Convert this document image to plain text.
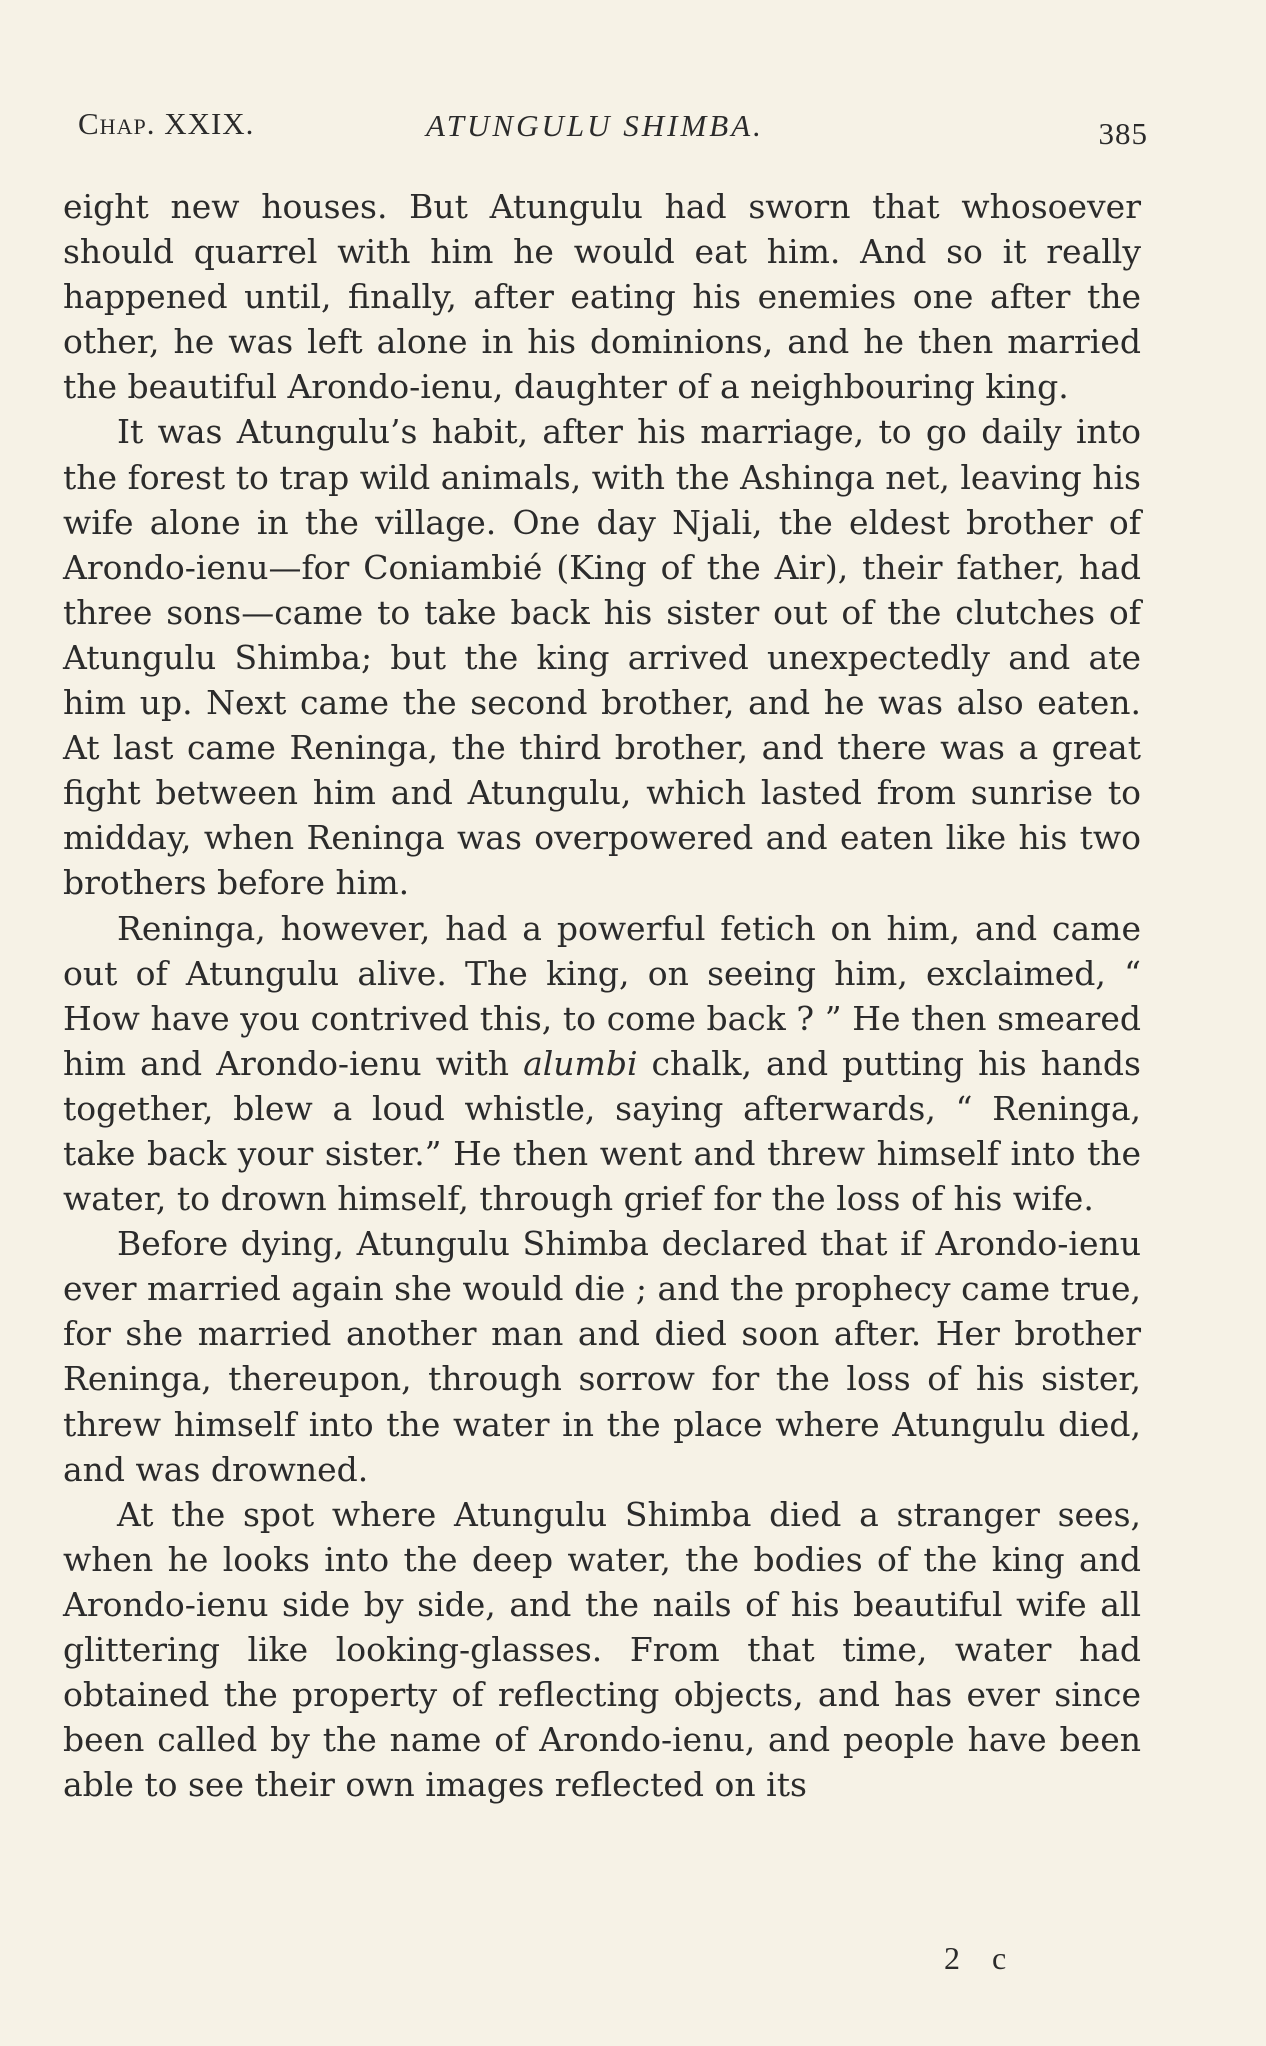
Chap. XXIX.	ATUNGULU SHIMBA.	385

eight new houses. But Atungulu had sworn that whosoever should quarrel with him he would eat him. And so it really happened until, finally, after eating his enemies one after the other, he was left alone in his dominions, and he then married the beautiful Arondo-ienu, daughter of a neighbouring king.

It was Atungulu’s habit, after his marriage, to go daily into the forest to trap wild animals, with the Ashinga net, leaving his wife alone in the village. One day Njali, the eldest brother of Arondo-ienu—for Coniambié (King of the Air), their father, had three sons—came to take back his sister out of the clutches of Atungulu Shimba; but the king arrived unexpectedly and ate him up. Next came the second brother, and he was also eaten. At last came Reninga, the third brother, and there was a great fight between him and Atungulu, which lasted from sunrise to midday, when Reninga was overpowered and eaten like his two brothers before him.

Reninga, however, had a powerful fetich on him, and came out of Atungulu alive. The king, on seeing him, exclaimed, “ How have you contrived this, to come back ? ” He then smeared him and Arondo-ienu with alumbi chalk, and putting his hands together, blew a loud whistle, saying afterwards, “ Reninga, take back your sister.” He then went and threw himself into the water, to drown himself, through grief for the loss of his wife.

Before dying, Atungulu Shimba declared that if Arondo-ienu ever married again she would die ; and the prophecy came true, for she married another man and died soon after. Her brother Reninga, thereupon, through sorrow for the loss of his sister, threw himself into the water in the place where Atungulu died, and was drowned.

At the spot where Atungulu Shimba died a stranger sees, when he looks into the deep water, the bodies of the king and Arondo-ienu side by side, and the nails of his beautiful wife all glittering like looking-glasses. From that time, water had obtained the property of reflecting objects, and has ever since been called by the name of Arondo-ienu, and people have been able to see their own images reflected on its

2 c
